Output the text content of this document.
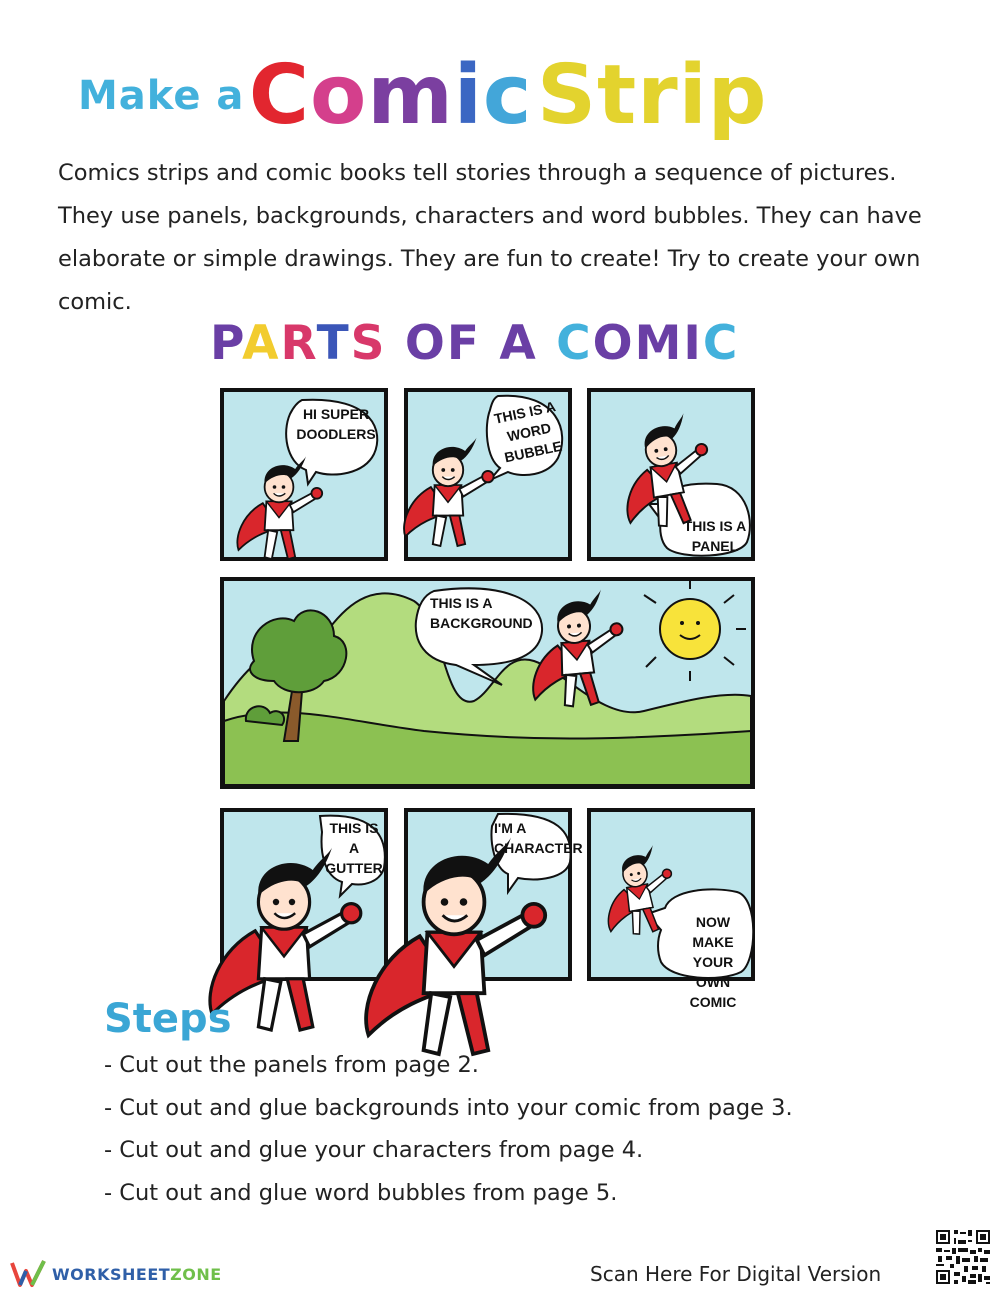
Make a Comic Strip
Comics strips and comic books tell stories through a sequence of pictures. They use panels, backgrounds, characters and word bubbles. They can have elaborate or simple drawings. They are fun to create! Try to create your own comic.
PARTS OF A COMIC
HI SUPER
DOODLERS
THIS IS A
WORD
BUBBLE
THIS IS A
PANEL
THIS IS A
BACKGROUND
THIS IS
A
GUTTER
I'M A
CHARACTER
NOW MAKE
YOUR OWN
COMIC
Steps
- Cut out the panels from page 2.
- Cut out and glue backgrounds into your comic from page 3.
- Cut out and glue your characters from page 4.
- Cut out and glue word bubbles from page 5.
WORKSHEETZONE	Scan Here For Digital Version
